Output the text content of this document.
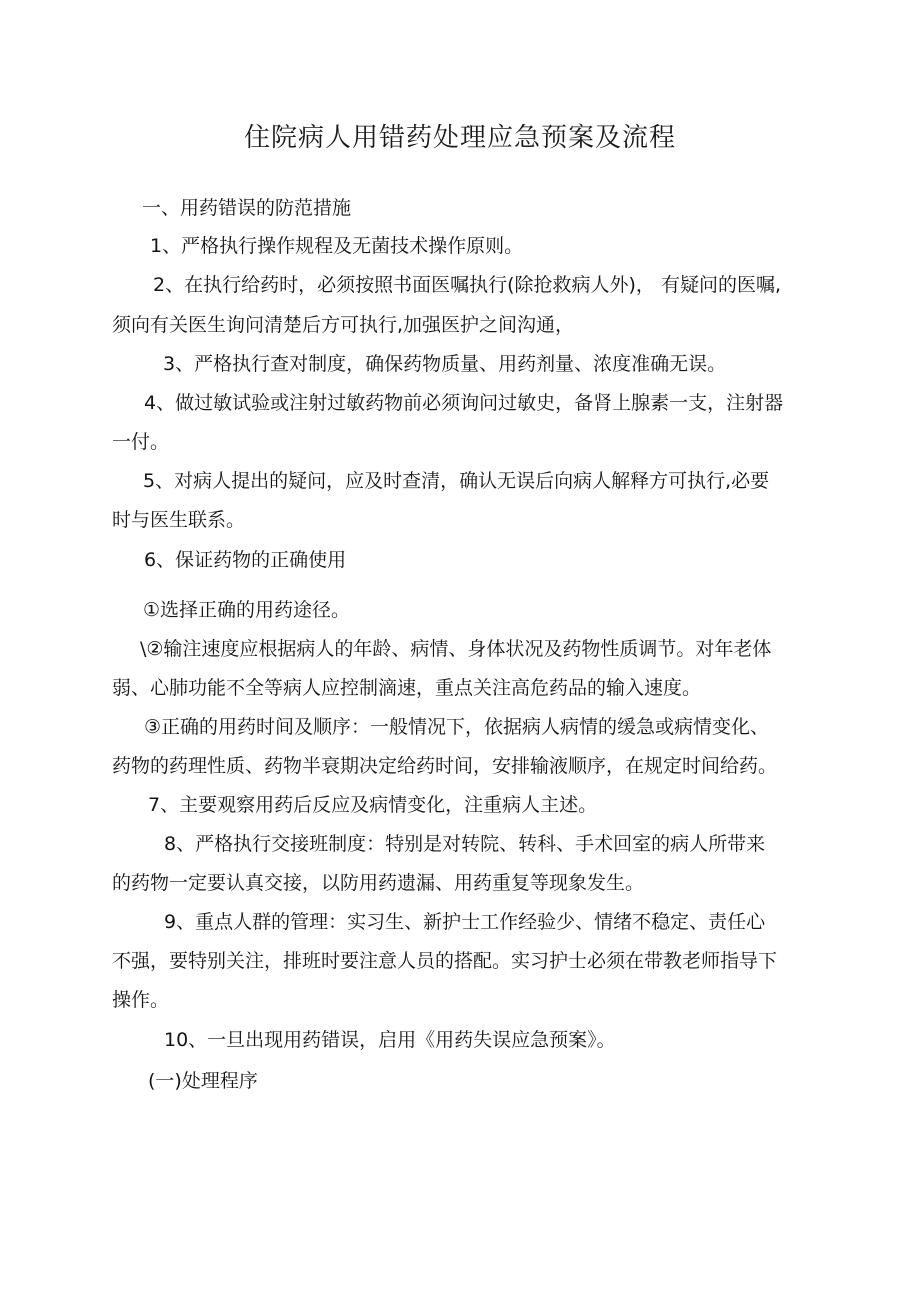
住院病人用错药处理应急预案及流程
一、用药错误的防范措施
1、严格执行操作规程及无菌技术操作原则。
2、在执行给药时，必须按照书面医嘱执行(除抢救病人外)， 有疑问的医嘱,
须向有关医生询问清楚后方可执行,加强医护之间沟通，
3、严格执行查对制度，确保药物质量、用药剂量、浓度准确无误。
4、做过敏试验或注射过敏药物前必须询问过敏史，备肾上腺素一支，注射器
一付。
5、对病人提出的疑问，应及时查清，确认无误后向病人解释方可执行,必要
时与医生联系。
6、保证药物的正确使用
①选择正确的用药途径。
\②输注速度应根据病人的年龄、病情、身体状况及药物性质调节。对年老体
弱、心肺功能不全等病人应控制滴速，重点关注高危药品的输入速度。
③正确的用药时间及顺序：一般情况下，依据病人病情的缓急或病情变化、
药物的药理性质、药物半衰期决定给药时间，安排输液顺序，在规定时间给药。
7、主要观察用药后反应及病情变化，注重病人主述。
8、严格执行交接班制度：特别是对转院、转科、手术回室的病人所带来
的药物一定要认真交接，以防用药遗漏、用药重复等现象发生。
9、重点人群的管理：实习生、新护士工作经验少、情绪不稳定、责任心
不强，要特别关注，排班时要注意人员的搭配。实习护士必须在带教老师指导下
操作。
10、一旦出现用药错误，启用《用药失误应急预案》。
(一)处理程序
